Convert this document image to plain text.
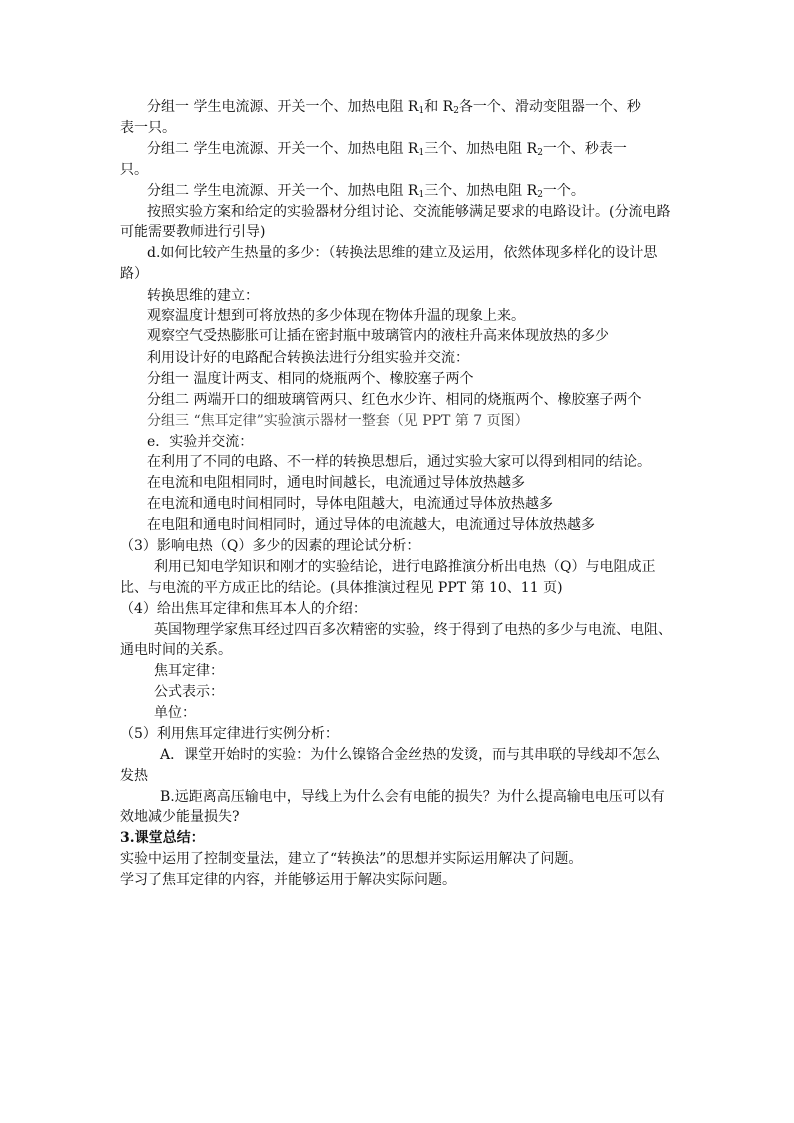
分组一 学生电流源、开关一个、加热电阻 $R_1$和 $R_2$各一个、滑动变阻器一个、秒
表一只。
分组二 学生电流源、开关一个、加热电阻 $R_1$三个、加热电阻 $R_2$一个、秒表一
只。
分组二 学生电流源、开关一个、加热电阻 $R_1$三个、加热电阻 $R_2$一个。
按照实验方案和给定的实验器材分组讨论、交流能够满足要求的电路设计。(分流电路
可能需要教师进行引导)
d.如何比较产生热量的多少：（转换法思维的建立及运用，依然体现多样化的设计思
路）
转换思维的建立：
观察温度计想到可将放热的多少体现在物体升温的现象上来。
观察空气受热膨胀可让插在密封瓶中玻璃管内的液柱升高来体现放热的多少
利用设计好的电路配合转换法进行分组实验并交流：
分组一 温度计两支、相同的烧瓶两个、橡胶塞子两个
分组二 两端开口的细玻璃管两只、红色水少许、相同的烧瓶两个、橡胶塞子两个
分组三 “焦耳定律”实验演示器材一整套（见 PPT 第 7 页图）
e．实验并交流：
在利用了不同的电路、不一样的转换思想后，通过实验大家可以得到相同的结论。
在电流和电阻相同时，通电时间越长，电流通过导体放热越多
在电流和通电时间相同时，导体电阻越大，电流通过导体放热越多
在电阻和通电时间相同时，通过导体的电流越大，电流通过导体放热越多
（3）影响电热（Q）多少的因素的理论试分析：
利用已知电学知识和刚才的实验结论，进行电路推演分析出电热（Q）与电阻成正
比、与电流的平方成正比的结论。(具体推演过程见 PPT 第 10、11 页)
（4）给出焦耳定律和焦耳本人的介绍：
英国物理学家焦耳经过四百多次精密的实验，终于得到了电热的多少与电流、电阻、
通电时间的关系。
焦耳定律：
公式表示：
单位：
（5）利用焦耳定律进行实例分析：
A．课堂开始时的实验：为什么镍铬合金丝热的发烫，而与其串联的导线却不怎么
发热
B.远距离高压输电中，导线上为什么会有电能的损失？为什么提高输电电压可以有
效地减少能量损失?
3.课堂总结：
实验中运用了控制变量法，建立了“转换法”的思想并实际运用解决了问题。
学习了焦耳定律的内容，并能够运用于解决实际问题。
